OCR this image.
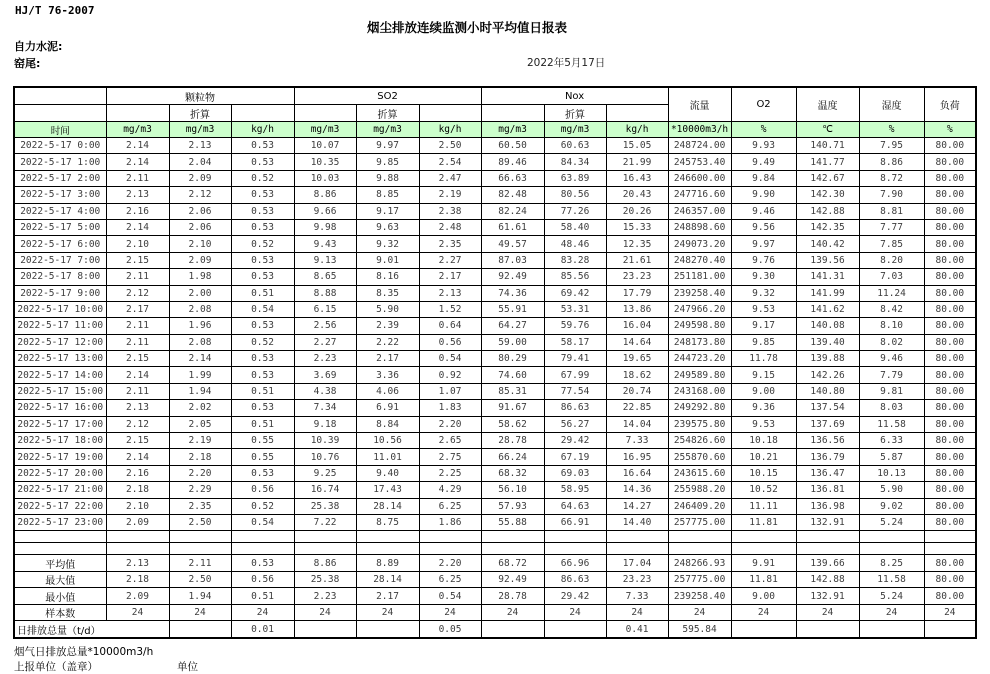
HJ/T 76-2007
烟尘排放连续监测小时平均值日报表
自力水泥:
窑尾:	2022年5月17日
	颗粒物			SO2			Nox			流量	O2	温度	湿度	负荷
		折算			折算			折算						
时间	mg/m3	mg/m3	kg/h	mg/m3	mg/m3	kg/h	mg/m3	mg/m3	kg/h	*10000m3/h	%	℃	%	%
2022-5-17 0:00	2.14	2.13	0.53	10.07	9.97	2.50	60.50	60.63	15.05	248724.00	9.93	140.71	7.95	80.00
2022-5-17 1:00	2.14	2.04	0.53	10.35	9.85	2.54	89.46	84.34	21.99	245753.40	9.49	141.77	8.86	80.00
2022-5-17 2:00	2.11	2.09	0.52	10.03	9.88	2.47	66.63	63.89	16.43	246600.00	9.84	142.67	8.72	80.00
2022-5-17 3:00	2.13	2.12	0.53	8.86	8.85	2.19	82.48	80.56	20.43	247716.60	9.90	142.30	7.90	80.00
2022-5-17 4:00	2.16	2.06	0.53	9.66	9.17	2.38	82.24	77.26	20.26	246357.00	9.46	142.88	8.81	80.00
2022-5-17 5:00	2.14	2.06	0.53	9.98	9.63	2.48	61.61	58.40	15.33	248898.60	9.56	142.35	7.77	80.00
2022-5-17 6:00	2.10	2.10	0.52	9.43	9.32	2.35	49.57	48.46	12.35	249073.20	9.97	140.42	7.85	80.00
2022-5-17 7:00	2.15	2.09	0.53	9.13	9.01	2.27	87.03	83.28	21.61	248270.40	9.76	139.56	8.20	80.00
2022-5-17 8:00	2.11	1.98	0.53	8.65	8.16	2.17	92.49	85.56	23.23	251181.00	9.30	141.31	7.03	80.00
2022-5-17 9:00	2.12	2.00	0.51	8.88	8.35	2.13	74.36	69.42	17.79	239258.40	9.32	141.99	11.24	80.00
2022-5-17 10:00	2.17	2.08	0.54	6.15	5.90	1.52	55.91	53.31	13.86	247966.20	9.53	141.62	8.42	80.00
2022-5-17 11:00	2.11	1.96	0.53	2.56	2.39	0.64	64.27	59.76	16.04	249598.80	9.17	140.08	8.10	80.00
2022-5-17 12:00	2.11	2.08	0.52	2.27	2.22	0.56	59.00	58.17	14.64	248173.80	9.85	139.40	8.02	80.00
2022-5-17 13:00	2.15	2.14	0.53	2.23	2.17	0.54	80.29	79.41	19.65	244723.20	11.78	139.88	9.46	80.00
2022-5-17 14:00	2.14	1.99	0.53	3.69	3.36	0.92	74.60	67.99	18.62	249589.80	9.15	142.26	7.79	80.00
2022-5-17 15:00	2.11	1.94	0.51	4.38	4.06	1.07	85.31	77.54	20.74	243168.00	9.00	140.80	9.81	80.00
2022-5-17 16:00	2.13	2.02	0.53	7.34	6.91	1.83	91.67	86.63	22.85	249292.80	9.36	137.54	8.03	80.00
2022-5-17 17:00	2.12	2.05	0.51	9.18	8.84	2.20	58.62	56.27	14.04	239575.80	9.53	137.69	11.58	80.00
2022-5-17 18:00	2.15	2.19	0.55	10.39	10.56	2.65	28.78	29.42	7.33	254826.60	10.18	136.56	6.33	80.00
2022-5-17 19:00	2.14	2.18	0.55	10.76	11.01	2.75	66.24	67.19	16.95	255870.60	10.21	136.79	5.87	80.00
2022-5-17 20:00	2.16	2.20	0.53	9.25	9.40	2.25	68.32	69.03	16.64	243615.60	10.15	136.47	10.13	80.00
2022-5-17 21:00	2.18	2.29	0.56	16.74	17.43	4.29	56.10	58.95	14.36	255988.20	10.52	136.81	5.90	80.00
2022-5-17 22:00	2.10	2.35	0.52	25.38	28.14	6.25	57.93	64.63	14.27	246409.20	11.11	136.98	9.02	80.00
2022-5-17 23:00	2.09	2.50	0.54	7.22	8.75	1.86	55.88	66.91	14.40	257775.00	11.81	132.91	5.24	80.00

平均值	2.13	2.11	0.53	8.86	8.89	2.20	68.72	66.96	17.04	248266.93	9.91	139.66	8.25	80.00
最大值	2.18	2.50	0.56	25.38	28.14	6.25	92.49	86.63	23.23	257775.00	11.81	142.88	11.58	80.00
最小值	2.09	1.94	0.51	2.23	2.17	0.54	28.78	29.42	7.33	239258.40	9.00	132.91	5.24	80.00
样本数	24	24	24	24	24	24	24	24	24	24	24	24	24	24
日排放总量（t/d）			0.01			0.05			0.41	595.84				
烟气日排放总量*10000m3/h
上报单位（盖章）	单位
